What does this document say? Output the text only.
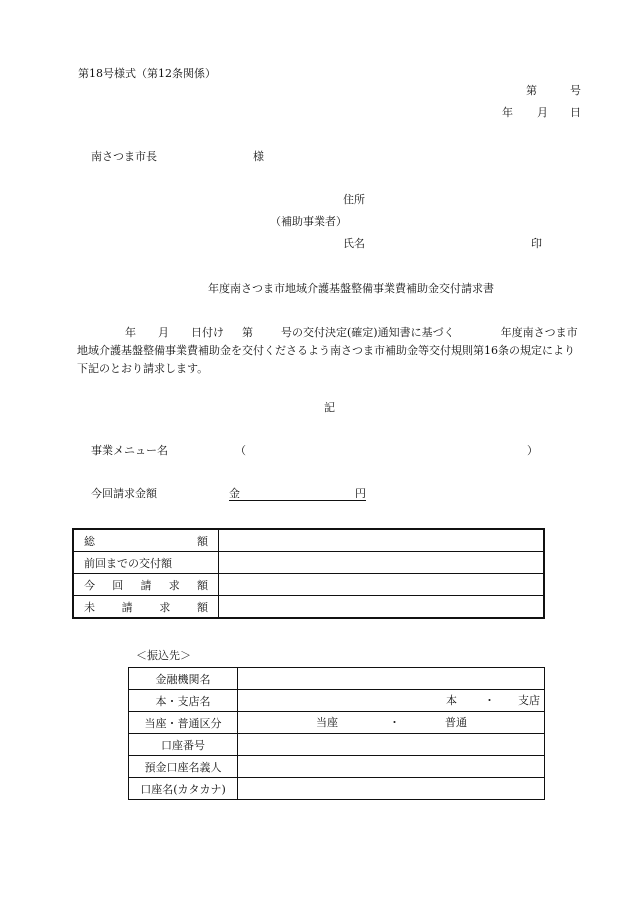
第18号様式（第12条関係）
第	号
年 月 日
南さつま市長	様
住所
（補助事業者）
氏名	印
年度南さつま市地域介護基盤整備事業費補助金交付請求書
年 月 日付け 第	号の交付決定(確定)通知書に基づく	年度南さつま市地域介護基盤整備事業費補助金を交付くださるよう南さつま市補助金等交付規則第16条の規定により下記のとおり請求します。
記
事業メニュー名	（	）
今回請求金額	金	円
総 額	

前回までの交付額	

今 回 請 求 額	

未 請 求 額	

＜振込先＞
金融機関名	
本・支店名	本 ・ 支店

当座・普通区分	当座 ・ 普通

口座番号	
預金口座名義人	
口座名(カタカナ)	
